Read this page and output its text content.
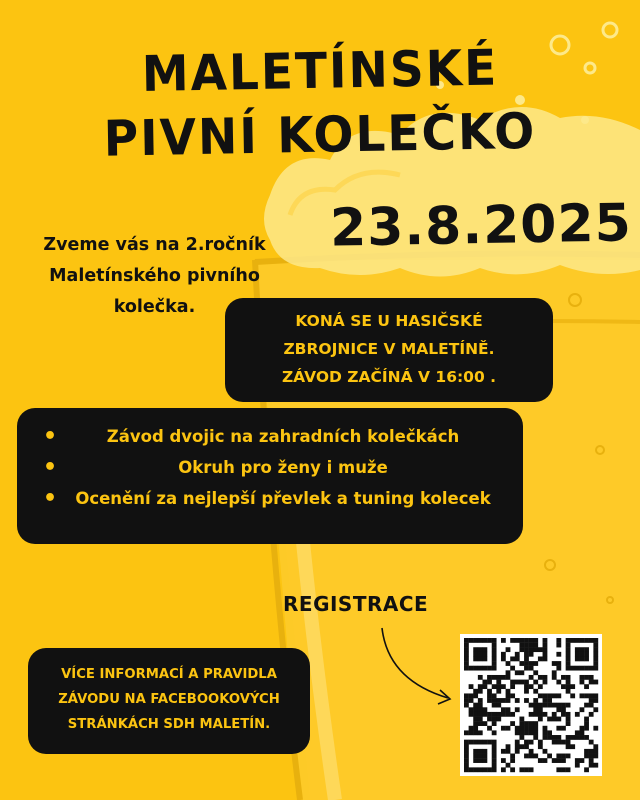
MALETÍNSKÉ
PIVNÍ KOLEČKO
23.8.2025
Zveme vás na 2.ročník Maletínského pivního kolečka.
KONÁ SE U HASIČSKÉ
ZBROJNICE V MALETÍNĚ.
ZÁVOD ZAČÍNÁ V 16:00 .
•	Závod dvojic na zahradních kolečkách
•	Okruh pro ženy i muže
• Ocenění za nejlepší převlek a tuning kolecek
REGISTRACE
VÍCE INFORMACÍ A PRAVIDLA
ZÁVODU NA FACEBOOKOVÝCH
STRÁNKÁCH SDH MALETÍN.
